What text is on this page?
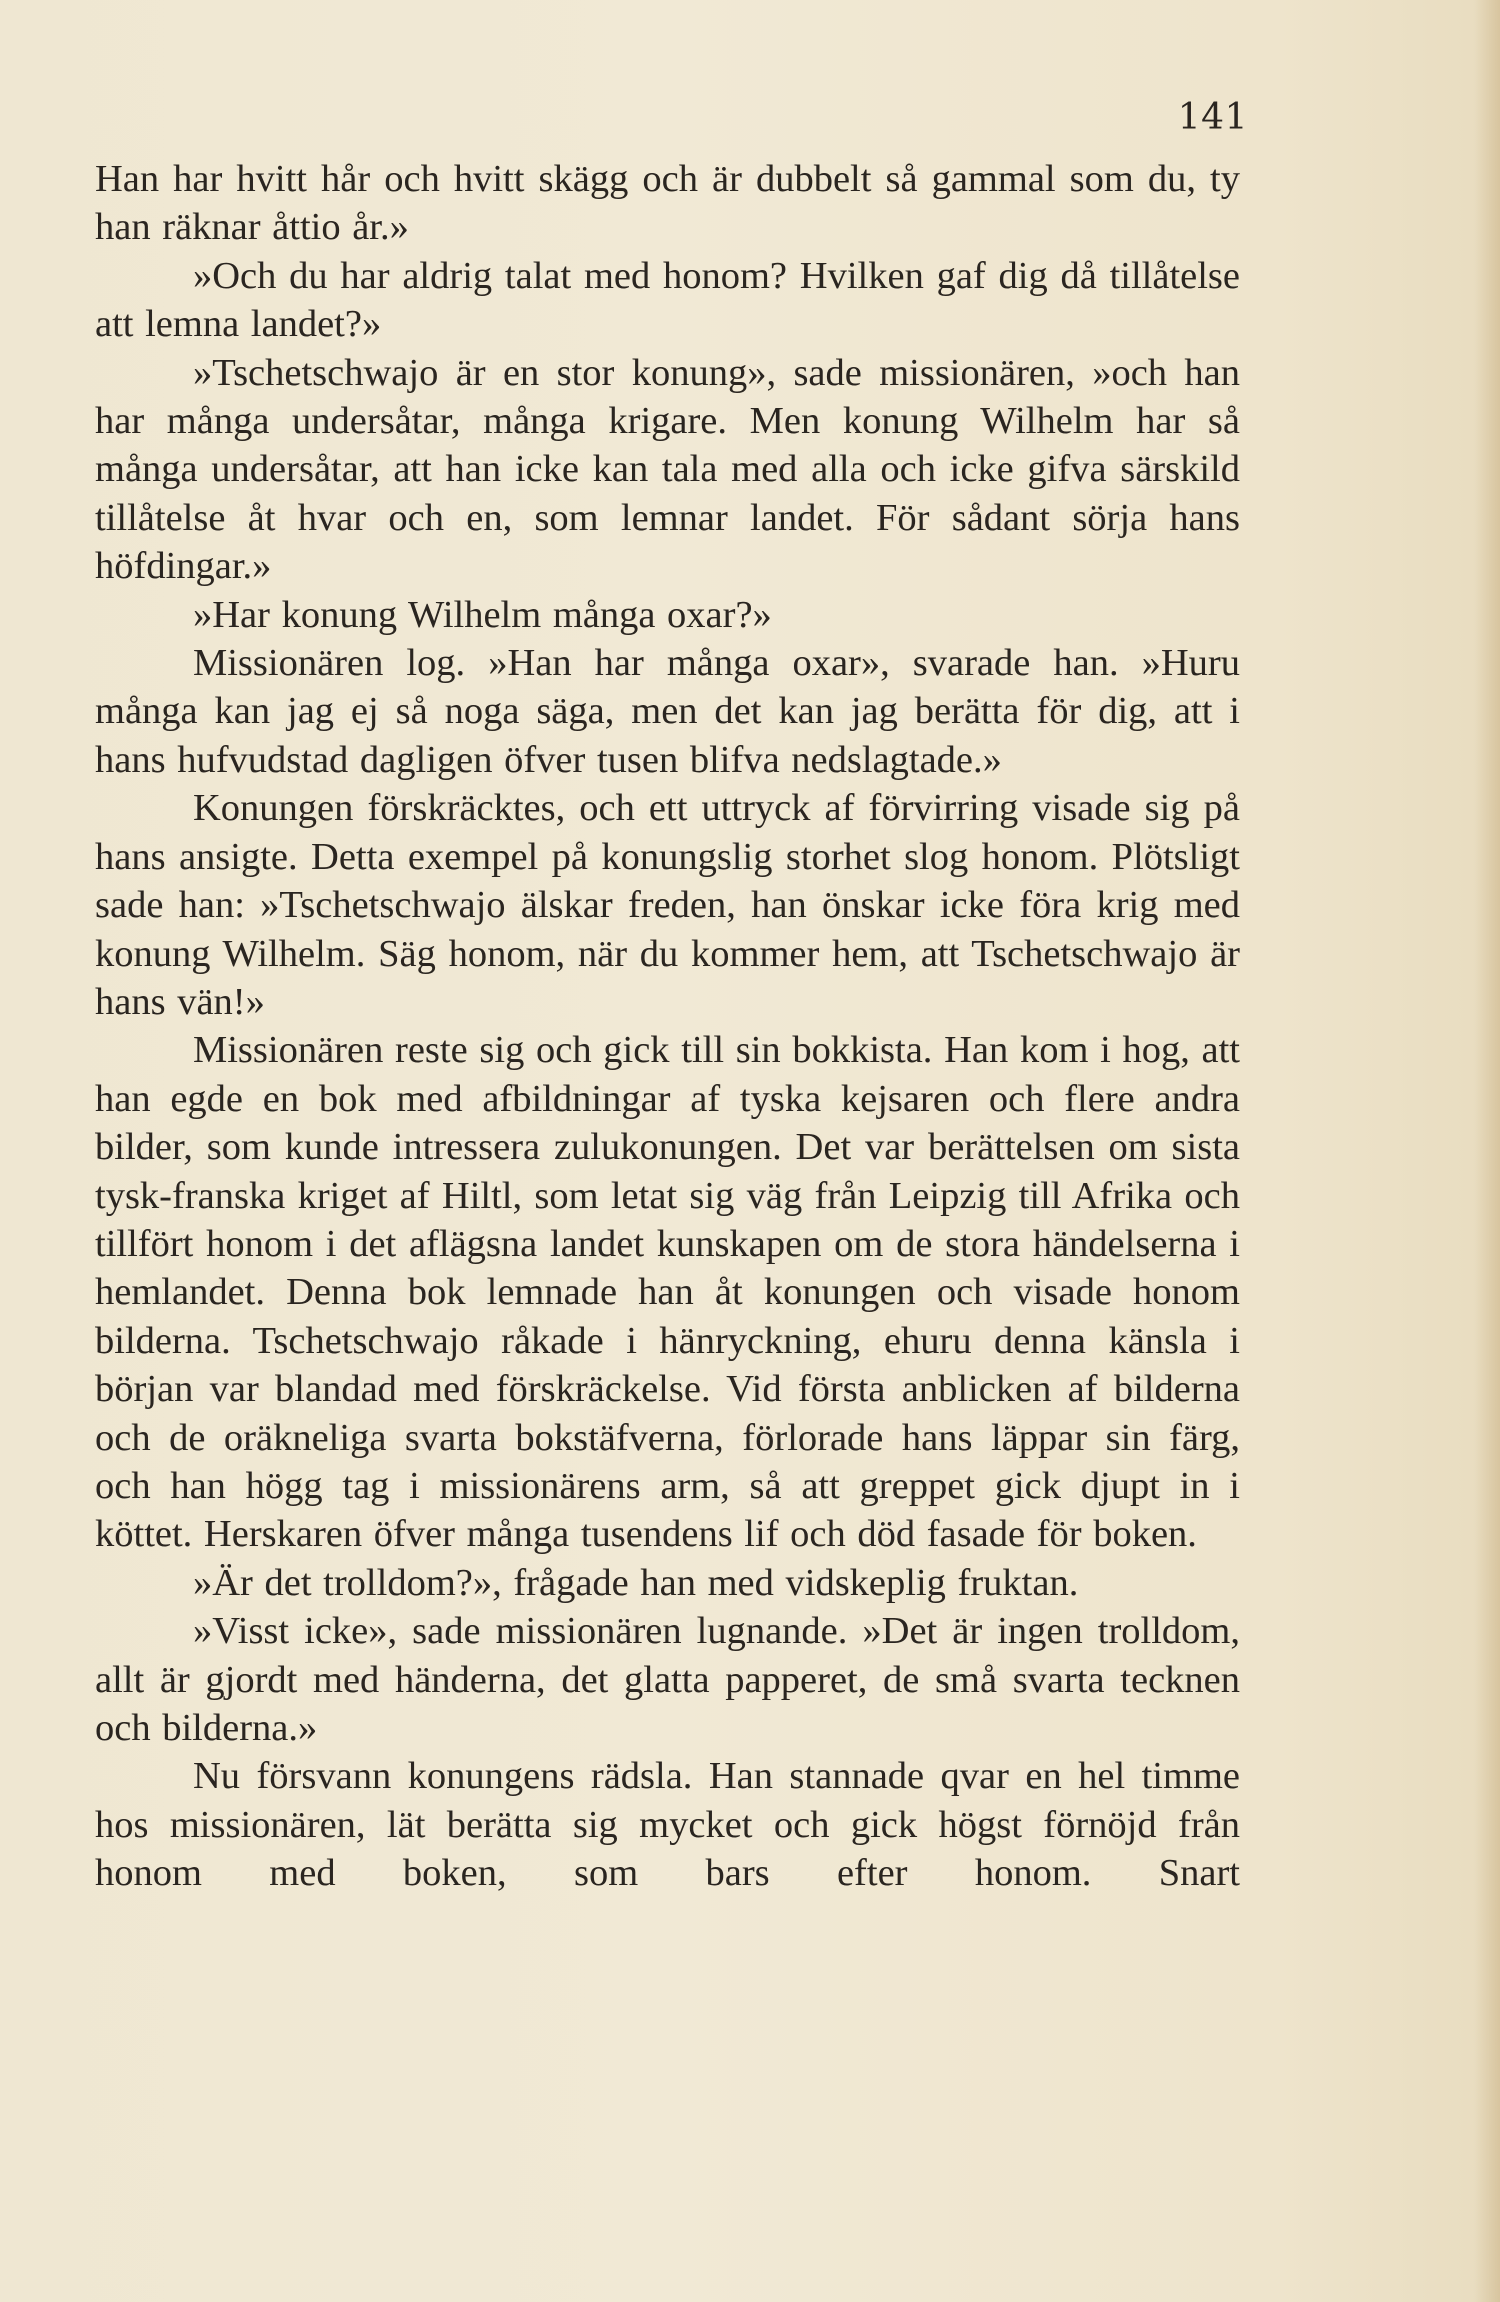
141

Han har hvitt hår och hvitt skägg och är dubbelt så gammal som du, ty han räknar åttio år.»

»Och du har aldrig talat med honom? Hvilken gaf dig då tillåtelse att lemna landet?»

»Tschetschwajo är en stor konung», sade missionären, »och han har många undersåtar, många krigare. Men konung Wilhelm har så många undersåtar, att han icke kan tala med alla och icke gifva särskild tillåtelse åt hvar och en, som lemnar landet. För sådant sörja hans höfdingar.»

»Har konung Wilhelm många oxar?»

Missionären log. »Han har många oxar», svarade han. »Huru många kan jag ej så noga säga, men det kan jag berätta för dig, att i hans hufvudstad dagligen öfver tusen blifva nedslagtade.»

Konungen förskräcktes, och ett uttryck af förvirring visade sig på hans ansigte. Detta exempel på konungslig storhet slog honom. Plötsligt sade han: »Tschetschwajo älskar freden, han önskar icke föra krig med konung Wilhelm. Säg honom, när du kommer hem, att Tschetschwajo är hans vän!»

Missionären reste sig och gick till sin bokkista. Han kom i hog, att han egde en bok med afbildningar af tyska kejsaren och flere andra bilder, som kunde intressera zulukonungen. Det var berättelsen om sista tysk-franska kriget af Hiltl, som letat sig väg från Leipzig till Afrika och tillfört honom i det aflägsna landet kunskapen om de stora händelserna i hemlandet. Denna bok lemnade han åt konungen och visade honom bilderna. Tschetschwajo råkade i hänryckning, ehuru denna känsla i början var blandad med förskräckelse. Vid första anblicken af bilderna och de oräkneliga svarta bokstäfverna, förlorade hans läppar sin färg, och han högg tag i missionärens arm, så att greppet gick djupt in i köttet. Herskaren öfver många tusendens lif och död fasade för boken.

»Är det trolldom?», frågade han med vidskeplig fruktan.

»Visst icke», sade missionären lugnande. »Det är ingen trolldom, allt är gjordt med händerna, det glatta papperet, de små svarta tecknen och bilderna.»

Nu försvann konungens rädsla. Han stannade qvar en hel timme hos missionären, lät berätta sig mycket och gick högst förnöjd från honom med boken, som bars efter honom. Snart
